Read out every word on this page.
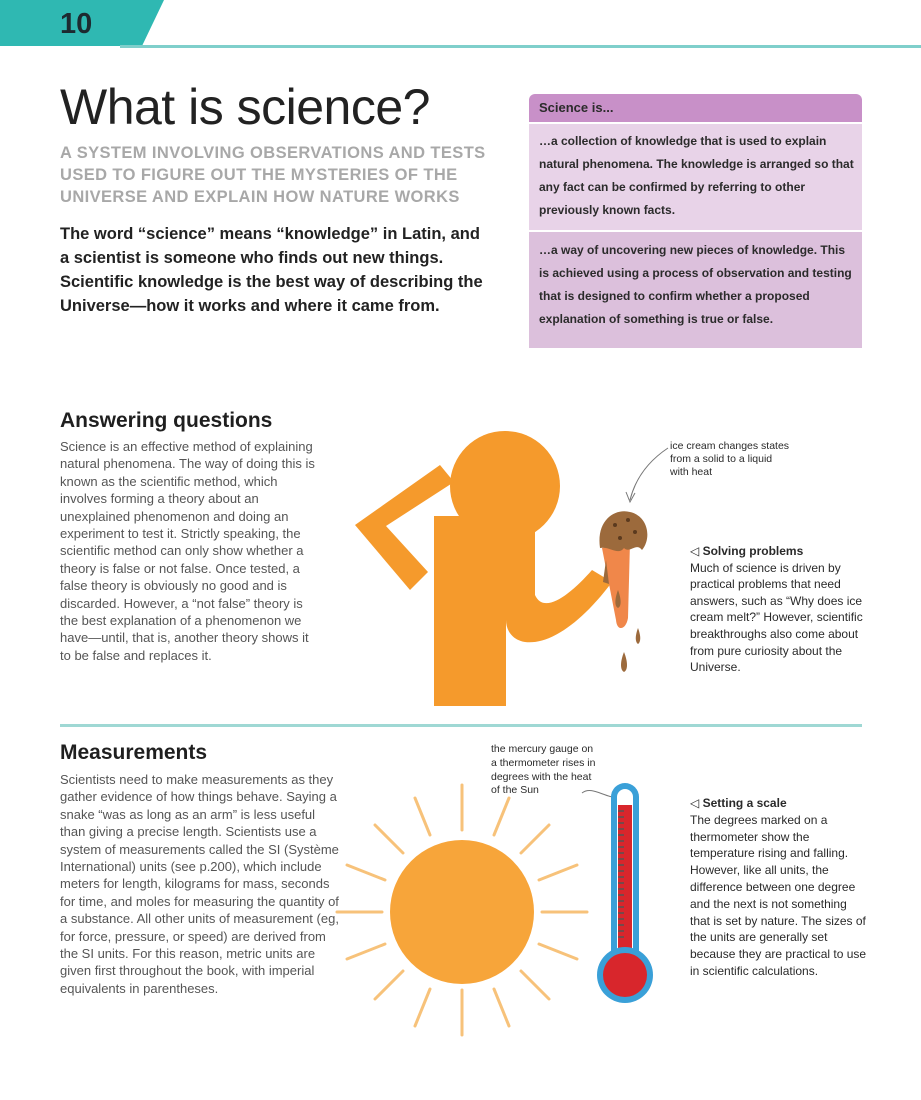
10
What is science?
A SYSTEM INVOLVING OBSERVATIONS AND TESTS USED TO FIGURE OUT THE MYSTERIES OF THE UNIVERSE AND EXPLAIN HOW NATURE WORKS
The word “science” means “knowledge” in Latin, and a scientist is someone who finds out new things. Scientific knowledge is the best way of describing the Universe—how it works and where it came from.
Science is...
…a collection of knowledge that is used to explain natural phenomena. The knowledge is arranged so that any fact can be confirmed by referring to other previously known facts.
…a way of uncovering new pieces of knowledge. This is achieved using a process of observation and testing that is designed to confirm whether a proposed explanation of something is true or false.
Answering questions
Science is an effective method of explaining natural phenomena. The way of doing this is known as the scientific method, which involves forming a theory about an unexplained phenomenon and doing an experiment to test it. Strictly speaking, the scientific method can only show whether a theory is false or not false. Once tested, a false theory is obviously no good and is discarded. However, a “not false” theory is the best explanation of a phenomenon we have—until, that is, another theory shows it to be false and replaces it.
ice cream changes states from a solid to a liquid with heat
◁ Solving problems
Much of science is driven by practical problems that need answers, such as “Why does ice cream melt?” However, scientific breakthroughs also come about from pure curiosity about the Universe.
Measurements
Scientists need to make measurements as they gather evidence of how things behave. Saying a snake “was as long as an arm” is less useful than giving a precise length. Scientists use a system of measurements called the SI (Système International) units (see p.200), which include meters for length, kilograms for mass, seconds for time, and moles for measuring the quantity of a substance. All other units of measurement (eg, for force, pressure, or speed) are derived from the SI units. For this reason, metric units are given first throughout the book, with imperial equivalents in parentheses.
the mercury gauge on a thermometer rises in degrees with the heat of the Sun
◁ Setting a scale
The degrees marked on a thermometer show the temperature rising and falling. However, like all units, the difference between one degree and the next is not something that is set by nature. The sizes of the units are generally set because they are practical to use in scientific calculations.
